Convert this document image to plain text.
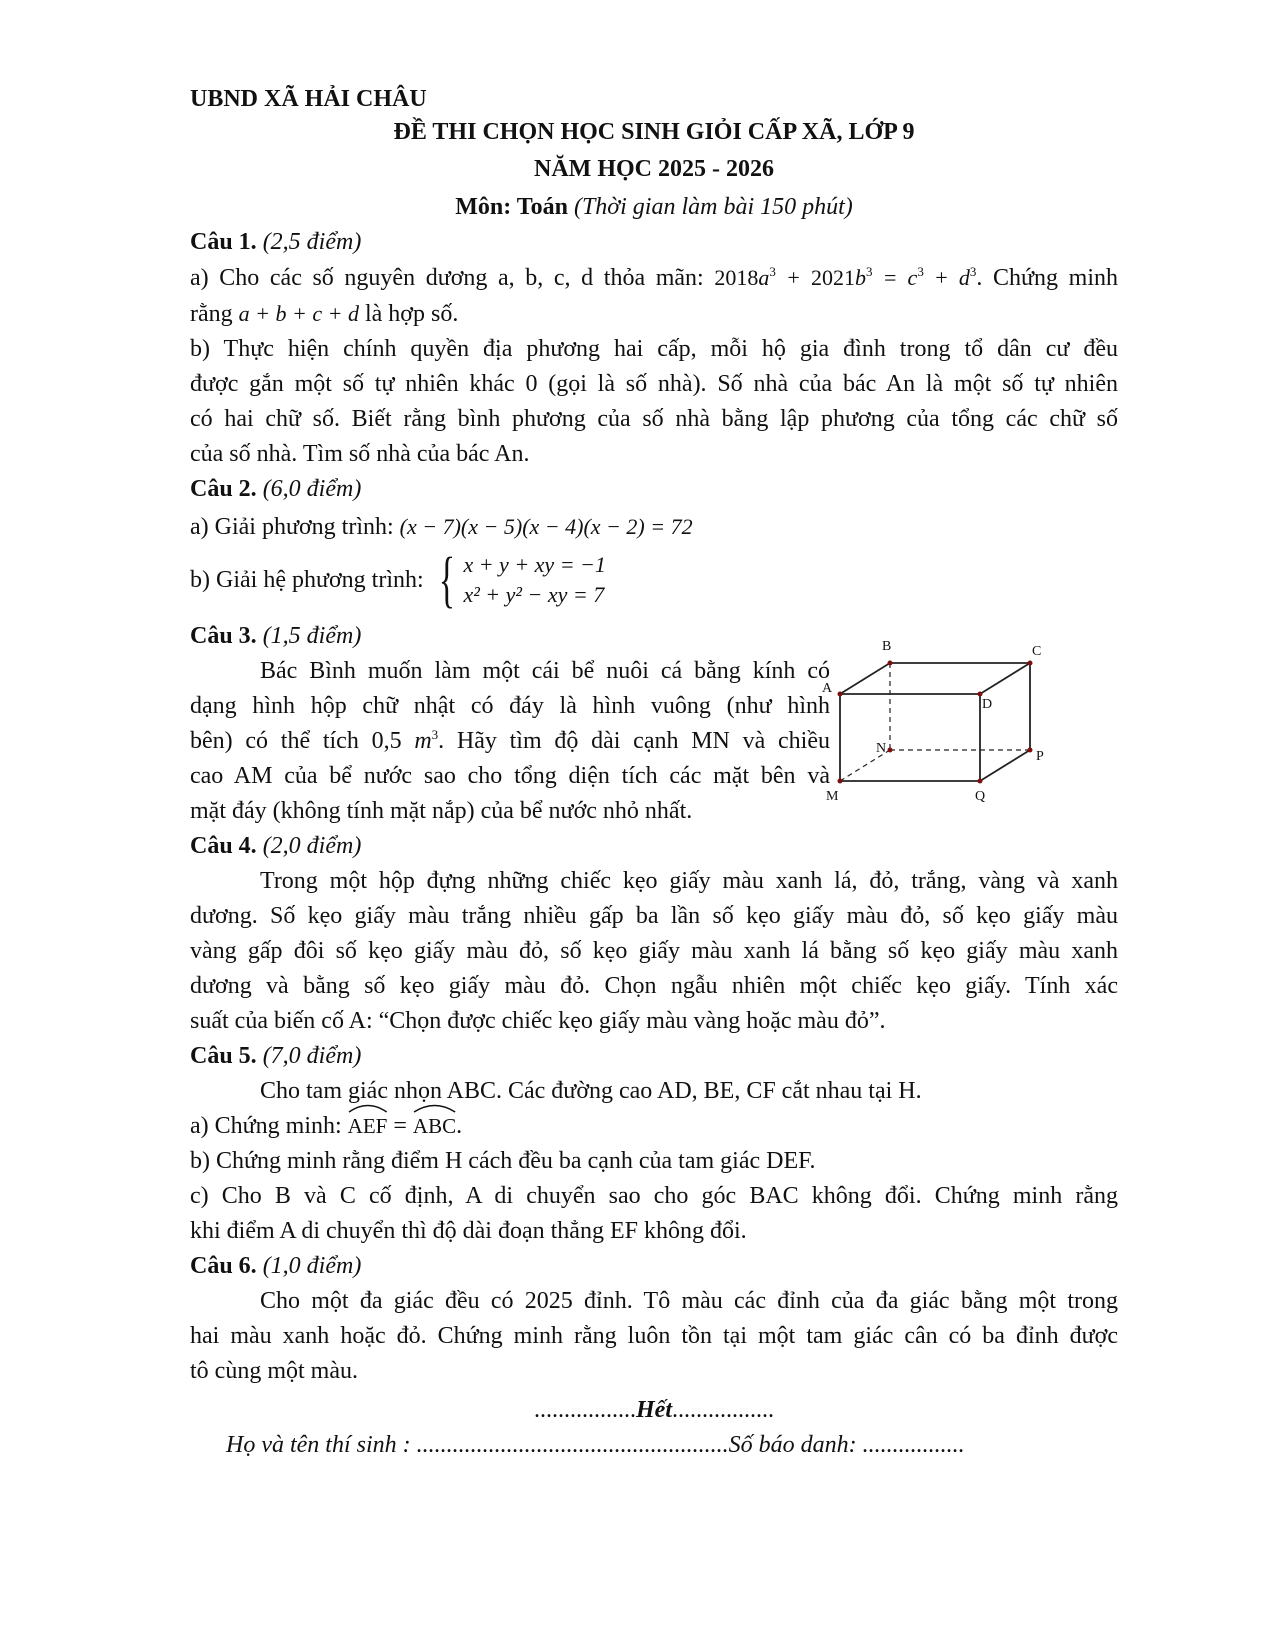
UBND XÃ HẢI CHÂU
ĐỀ THI CHỌN HỌC SINH GIỎI CẤP XÃ, LỚP 9
NĂM HỌC 2025 - 2026
Môn: Toán (Thời gian làm bài 150 phút)
Câu 1. (2,5 điểm)
a) Cho các số nguyên dương a, b, c, d thỏa mãn: $2018a^3 + 2021b^3 = c^3 + d^3$. Chứng minh
rằng a + b + c + d là hợp số.
b) Thực hiện chính quyền địa phương hai cấp, mỗi hộ gia đình trong tổ dân cư đều
được gắn một số tự nhiên khác 0 (gọi là số nhà). Số nhà của bác An là một số tự nhiên
có hai chữ số. Biết rằng bình phương của số nhà bằng lập phương của tổng các chữ số
của số nhà. Tìm số nhà của bác An.
Câu 2. (6,0 điểm)
a) Giải phương trình: (x − 7)(x − 5)(x − 4)(x − 2) = 72
b) Giải hệ phương trình: { x + y + xy = −1
x² + y² − xy = 7
Câu 3. (1,5 điểm)
Bác Bình muốn làm một cái bể nuôi cá bằng kính có
dạng hình hộp chữ nhật có đáy là hình vuông (như hình
bên) có thể tích 0,5 $m^3$. Hãy tìm độ dài cạnh MN và chiều
cao AM của bể nước sao cho tổng diện tích các mặt bên và
mặt đáy (không tính mặt nắp) của bể nước nhỏ nhất.
A
B	C
D
M
N
P
Q
Câu 4. (2,0 điểm)
Trong một hộp đựng những chiếc kẹo giấy màu xanh lá, đỏ, trắng, vàng và xanh
dương. Số kẹo giấy màu trắng nhiều gấp ba lần số kẹo giấy màu đỏ, số kẹo giấy màu
vàng gấp đôi số kẹo giấy màu đỏ, số kẹo giấy màu xanh lá bằng số kẹo giấy màu xanh
dương và bằng số kẹo giấy màu đỏ. Chọn ngẫu nhiên một chiếc kẹo giấy. Tính xác
suất của biến cố A: “Chọn được chiếc kẹo giấy màu vàng hoặc màu đỏ”.
Câu 5. (7,0 điểm)
Cho tam giác nhọn ABC. Các đường cao AD, BE, CF cắt nhau tại H.
a) Chứng minh: AEF = ABC.
b) Chứng minh rằng điểm H cách đều ba cạnh của tam giác DEF.
c) Cho B và C cố định, A di chuyển sao cho góc BAC không đổi. Chứng minh rằng
khi điểm A di chuyển thì độ dài đoạn thẳng EF không đổi.
Câu 6. (1,0 điểm)
Cho một đa giác đều có 2025 đỉnh. Tô màu các đỉnh của đa giác bằng một trong
hai màu xanh hoặc đỏ. Chứng minh rằng luôn tồn tại một tam giác cân có ba đỉnh được
tô cùng một màu.
.................Hết.................
Họ và tên thí sinh : ....................................................Số báo danh: .................
